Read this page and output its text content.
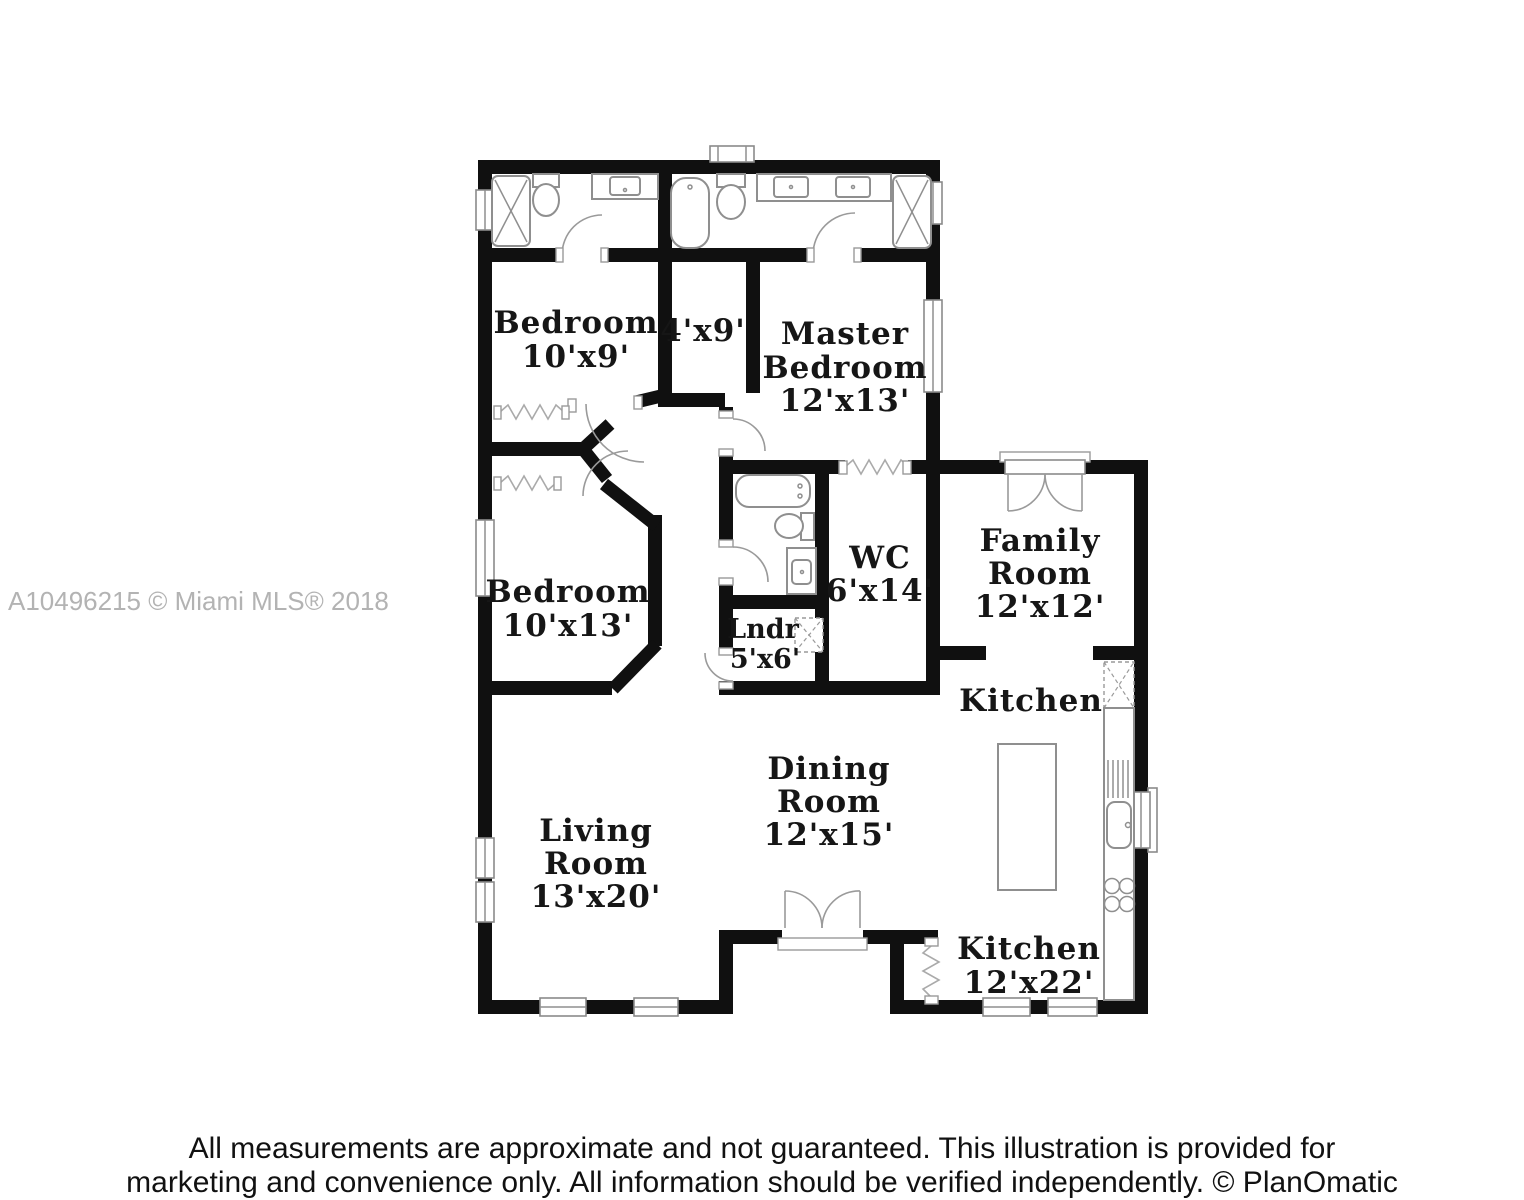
Bedroom
10'x9'
4'x9' Master
Bedroom
12'x13'
Bedroom
10'x13'
WC
6'x14'
Lndr
5'x6'
Family
Room
12'x12'
Kitchen
Dining
Room
12'x15'
Living
Room
13'x20'
Kitchen
12'x22'
A10496215 © Miami MLS® 2018
All measurements are approximate and not guaranteed. This illustration is provided for
marketing and convenience only. All information should be verified independently. © PlanOmatic
